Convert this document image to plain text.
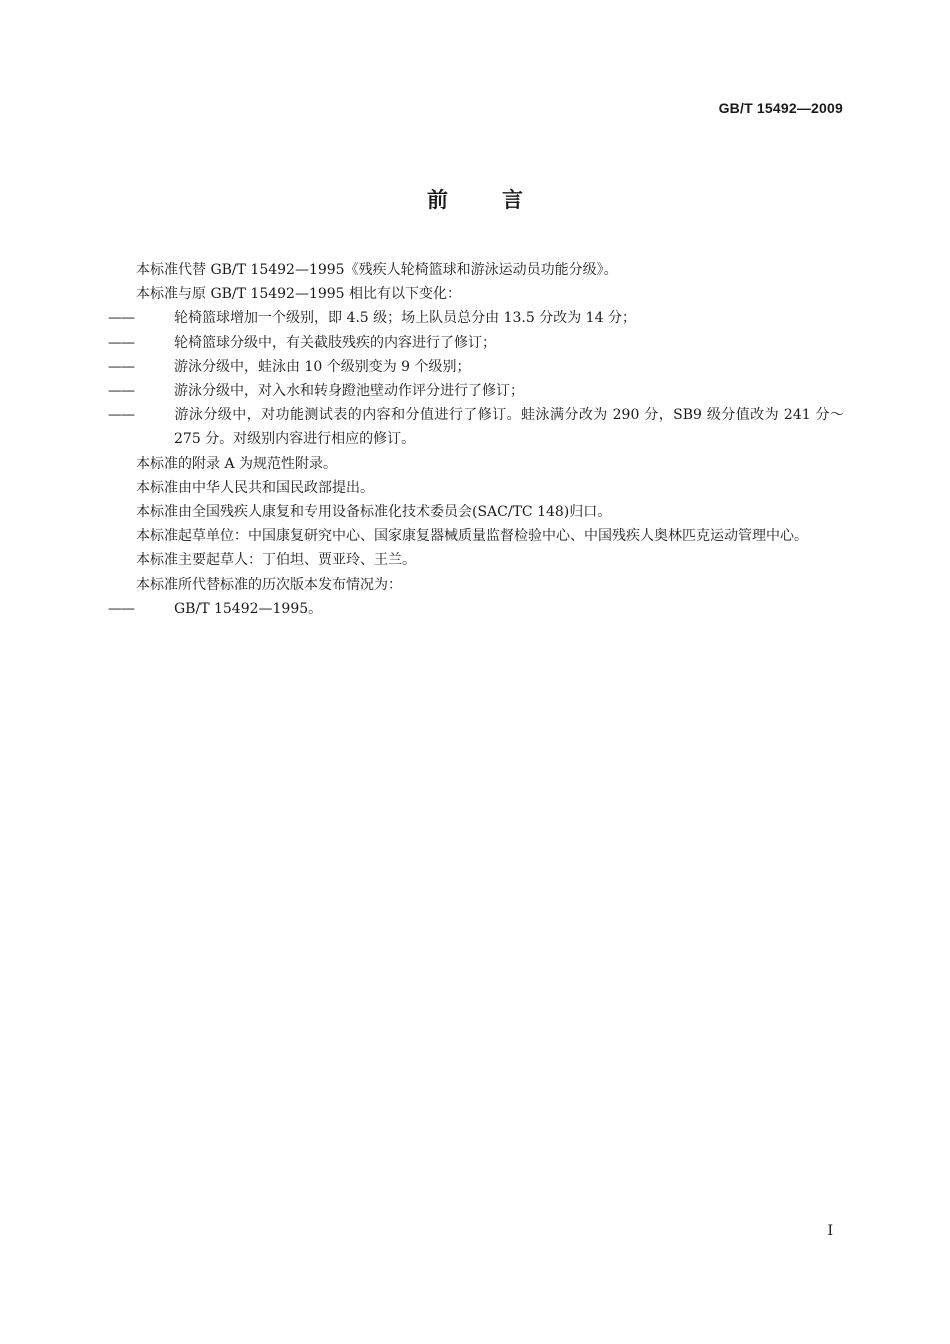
GB/T 15492—2009
前言

本标准代替 GB/T 15492—1995《残疾人轮椅篮球和游泳运动员功能分级》。

本标准与原 GB/T 15492—1995 相比有以下变化：

——	轮椅篮球增加一个级别，即 4.5 级；场上队员总分由 13.5 分改为 14 分；

——	轮椅篮球分级中，有关截肢残疾的内容进行了修订；

——	游泳分级中，蛙泳由 10 个级别变为 9 个级别；

——	游泳分级中，对入水和转身蹬池壁动作评分进行了修订；

——	游泳分级中，对功能测试表的内容和分值进行了修订。蛙泳满分改为 290 分，SB9 级分值改为 241 分～275 分。对级别内容进行相应的修订。

本标准的附录 A 为规范性附录。

本标准由中华人民共和国民政部提出。

本标准由全国残疾人康复和专用设备标准化技术委员会(SAC/TC 148)归口。

本标准起草单位：中国康复研究中心、国家康复器械质量监督检验中心、中国残疾人奥林匹克运动管理中心。

本标准主要起草人：丁伯坦、贾亚玲、王兰。

本标准所代替标准的历次版本发布情况为：

——	GB/T 15492—1995。

I
